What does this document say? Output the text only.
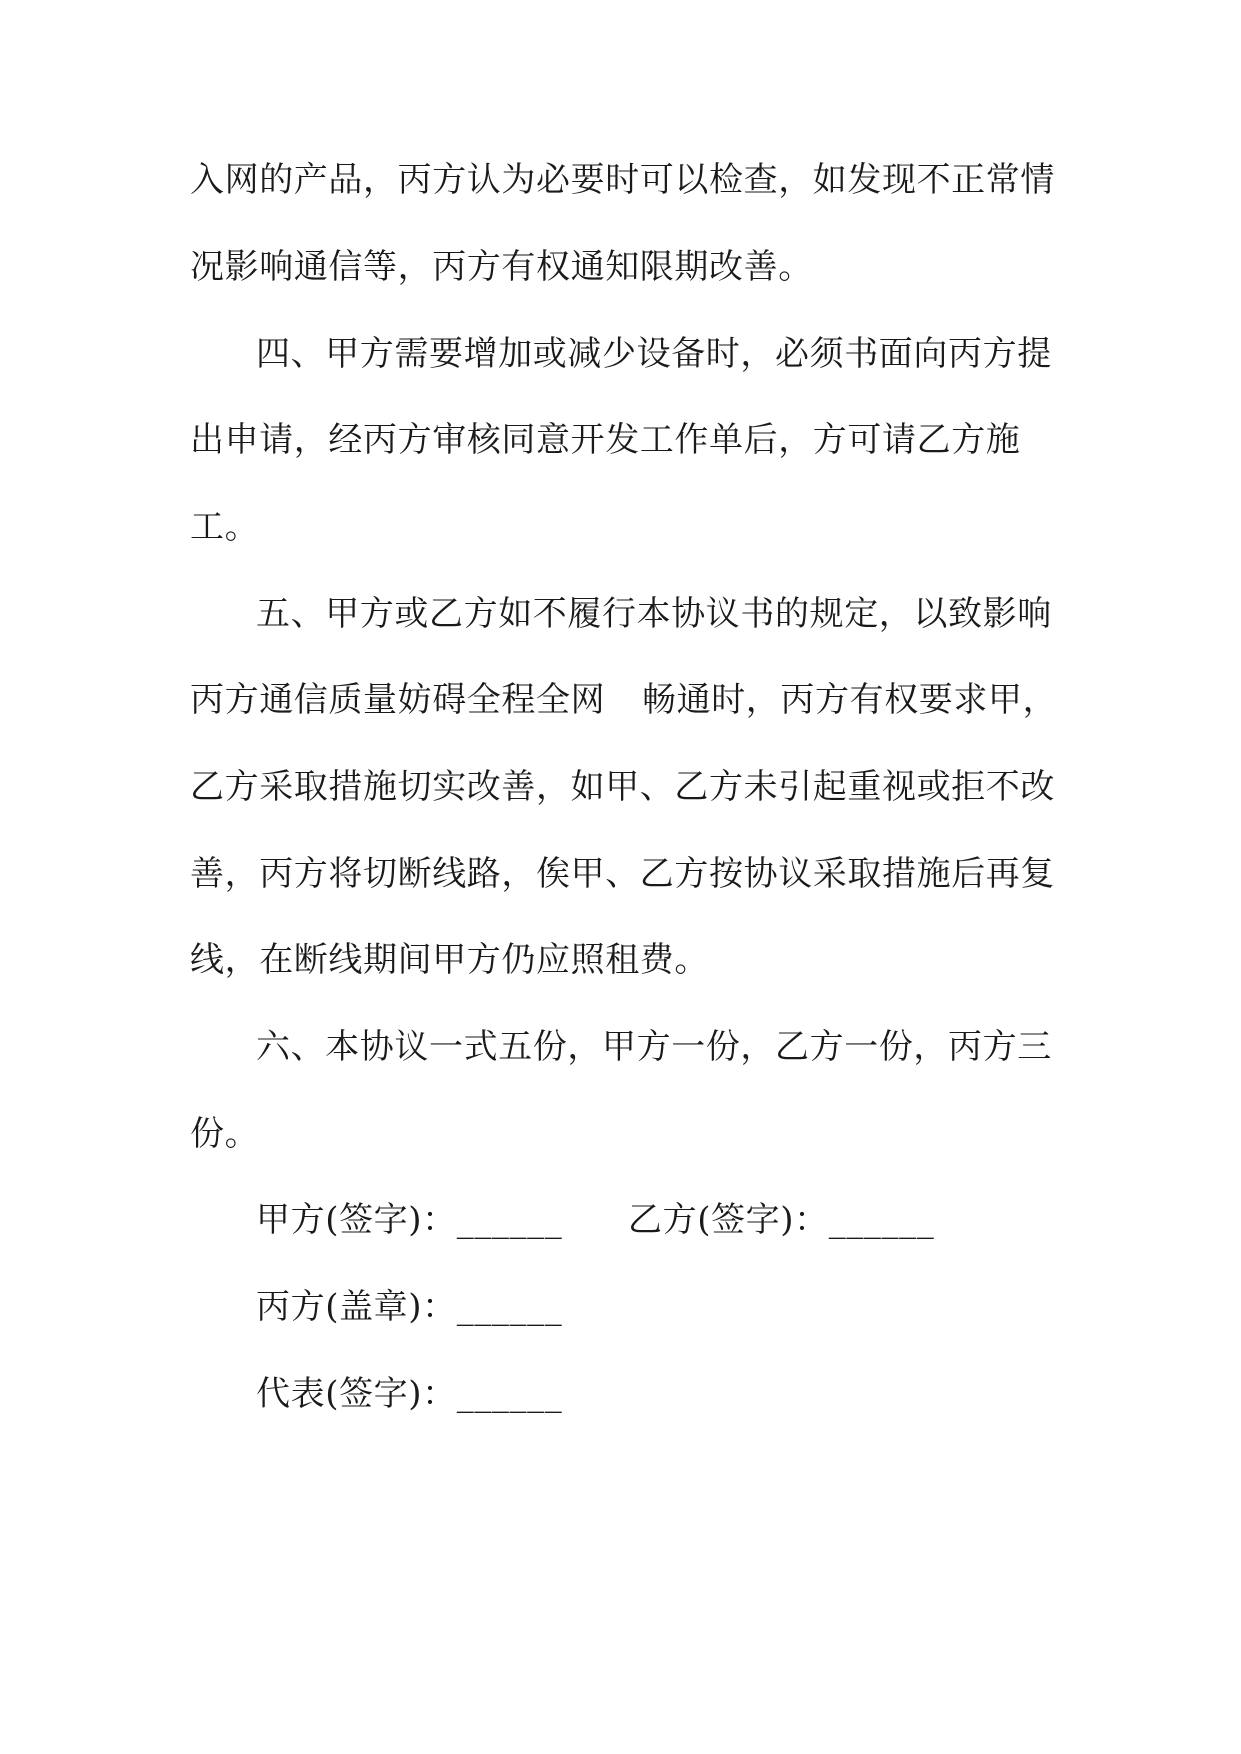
入网的产品，丙方认为必要时可以检查，如发现不正常情
况影响通信等，丙方有权通知限期改善。
四、甲方需要增加或减少设备时，必须书面向丙方提
出申请，经丙方审核同意开发工作单后，方可请乙方施
工。
五、甲方或乙方如不履行本协议书的规定，以致影响
丙方通信质量妨碍全程全网 畅通时，丙方有权要求甲，
乙方采取措施切实改善，如甲、乙方未引起重视或拒不改
善，丙方将切断线路，俟甲、乙方按协议采取措施后再复
线，在断线期间甲方仍应照租费。
六、本协议一式五份，甲方一份，乙方一份，丙方三
份。
甲方(签字)：______ 乙方(签字)：______
丙方(盖章)：______
代表(签字)：______
